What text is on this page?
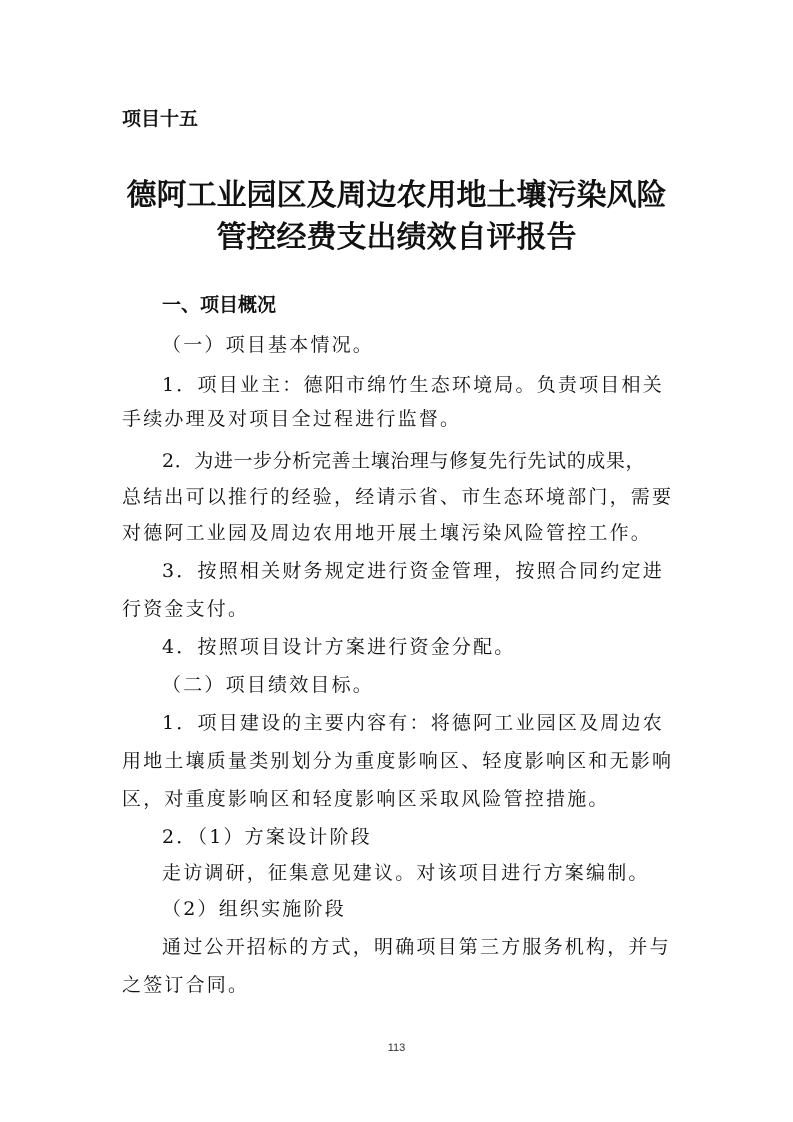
项目十五
德阿工业园区及周边农用地土壤污染风险
管控经费支出绩效自评报告
一、项目概况
（一）项目基本情况。
1．项目业主：德阳市绵竹生态环境局。负责项目相关
手续办理及对项目全过程进行监督。
2．为进一步分析完善土壤治理与修复先行先试的成果，
总结出可以推行的经验，经请示省、市生态环境部门，需要
对德阿工业园及周边农用地开展土壤污染风险管控工作。
3．按照相关财务规定进行资金管理，按照合同约定进
行资金支付。
4．按照项目设计方案进行资金分配。
（二）项目绩效目标。
1．项目建设的主要内容有：将德阿工业园区及周边农
用地土壤质量类别划分为重度影响区、轻度影响区和无影响
区，对重度影响区和轻度影响区采取风险管控措施。
2．（1）方案设计阶段
走访调研，征集意见建议。对该项目进行方案编制。
（2）组织实施阶段
通过公开招标的方式，明确项目第三方服务机构，并与
之签订合同。
113
